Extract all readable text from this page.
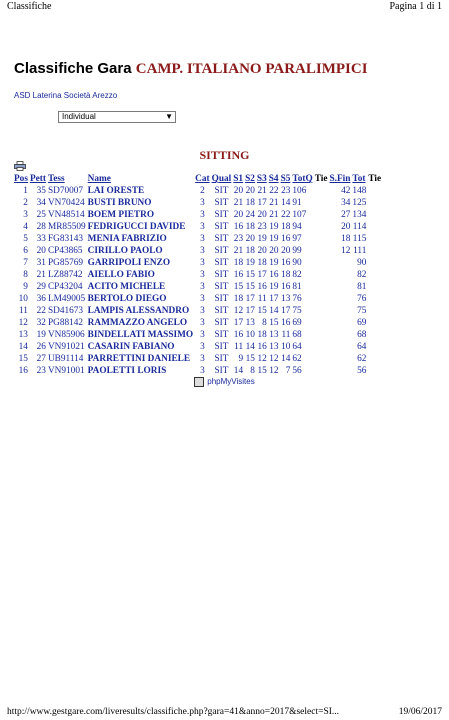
Classifiche	Pagina 1 di 1
Classifiche Gara CAMP. ITALIANO PARALIMPICI
ASD Laterina Società Arezzo
Individual	▼
SITTING
Pos	Pett	Tess	Name	Cat	Qual	S1	S2	S3	S4	S5	TotQ	Tie	S.Fin	Tot	Tie
1	35	SD70007	LAI ORESTE	2	SIT	20	20	21	22	23	106		42	148	
2	34	VN70424	BUSTI BRUNO	3	SIT	21	18	17	21	14	91		34	125	
3	25	VN48514	BOEM PIETRO	3	SIT	20	24	20	21	22	107		27	134	
4	28	MR85509	FEDRIGUCCI DAVIDE	3	SIT	16	18	23	19	18	94		20	114	
5	33	FG83143	MENIA FABRIZIO	3	SIT	23	20	19	19	16	97		18	115	
6	20	CP43865	CIRILLO PAOLO	3	SIT	21	18	20	20	20	99		12	111	
7	31	PG85769	GARRIPOLI ENZO	3	SIT	18	19	18	19	16	90			90	
8	21	LZ88742	AIELLO FABIO	3	SIT	16	15	17	16	18	82			82	
9	29	CP43204	ACITO MICHELE	3	SIT	15	15	16	19	16	81			81	
10	36	LM49005	BERTOLO DIEGO	3	SIT	18	17	11	17	13	76			76	
11	22	SD41673	LAMPIS ALESSANDRO	3	SIT	12	17	15	14	17	75			75	
12	32	PG88142	RAMMAZZO ANGELO	3	SIT	17	13	8	15	16	69			69	
13	19	VN85906	BINDELLATI MASSIMO	3	SIT	16	10	18	13	11	68			68	
14	26	VN91021	CASARIN FABIANO	3	SIT	11	14	16	13	10	64			64	
15	27	UB91114	PARRETTINI DANIELE	3	SIT	9	15	12	12	14	62			62	
16	23	VN91001	PAOLETTI LORIS	3	SIT	14	8	15	12	7	56			56	
phpMyVisites
http://www.gestgare.com/liveresults/classifiche.php?gara=41&anno=2017&select=SI...	19/06/2017
